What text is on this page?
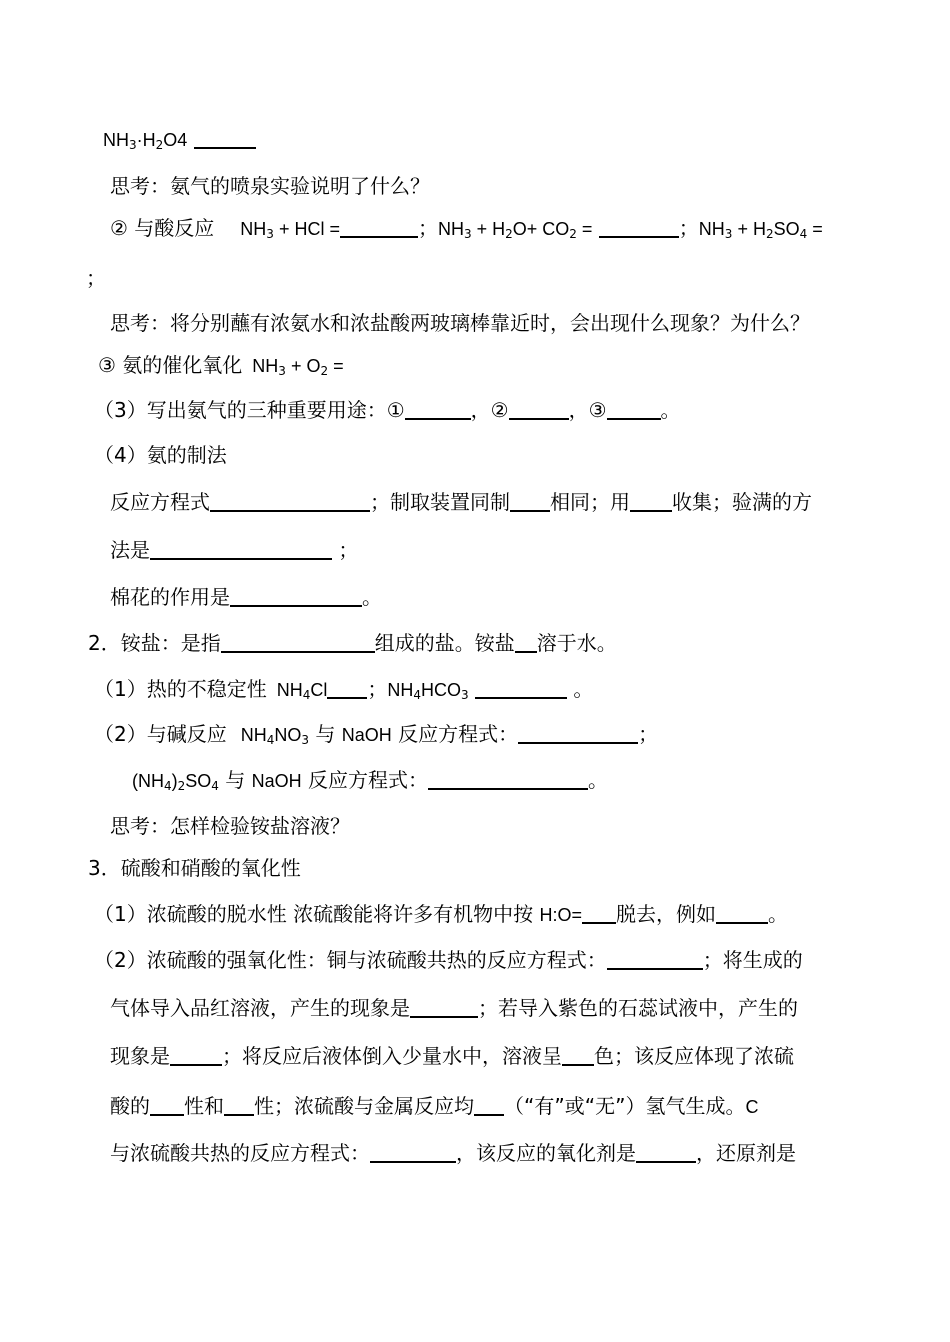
$NH_3\cdot H_2O4$
思考：氨气的喷泉实验说明了什么？
② 与酸反应 $NH_3$ + HCl =	；$NH_3 + H_2O+ CO_2$ =	；$NH_3 + H_2SO_4$ =
；
思考：将分别蘸有浓氨水和浓盐酸两玻璃棒靠近时，会出现什么现象？为什么？
③ 氨的催化氧化 $NH_3 + O_2$ =
（3）写出氨气的三种重要用途：①	，②	，③	。
（4）氨的制法
反应方程式	；制取装置同制 相同；用 收集；验满的方
法是	；
棉花的作用是	。
2．铵盐：是指	组成的盐。铵盐 溶于水。
（1）热的不稳定性 $NH_4Cl$ ；$NH_4HCO_3$	。
（2）与碱反应 $NH_4NO_3$ 与 NaOH 反应方程式：	；
$(NH_4)_2SO_4$ 与 NaOH 反应方程式：	。
思考：怎样检验铵盐溶液？
3．硫酸和硝酸的氧化性
（1）浓硫酸的脱水性 浓硫酸能将许多有机物中按 H:O= 脱去，例如	。
（2）浓硫酸的强氧化性：铜与浓硫酸共热的反应方程式：	；将生成的
气体导入品红溶液，产生的现象是	；若导入紫色的石蕊试液中，产生的
现象是	；将反应后液体倒入少量水中，溶液呈 色；该反应体现了浓硫
酸的 性和 性；浓硫酸与金属反应均 （“有”或“无”）氢气生成。C
与浓硫酸共热的反应方程式：	，该反应的氧化剂是	，还原剂是
